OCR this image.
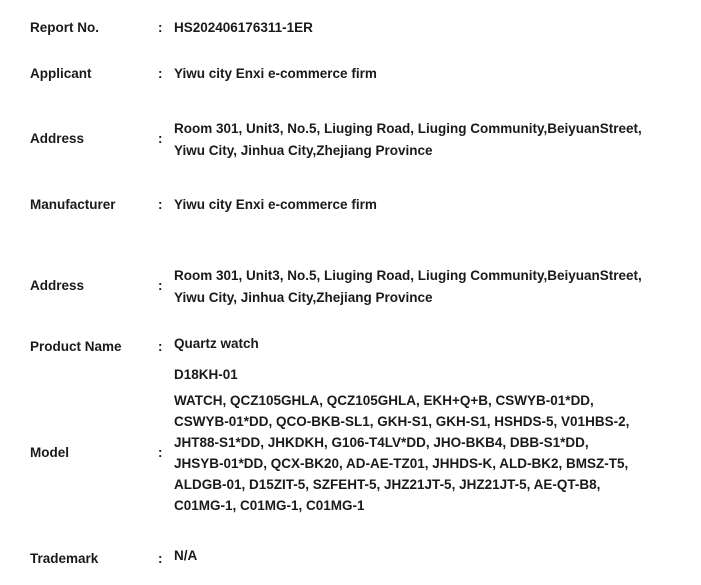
Report No.	: HS202406176311-1ER
Applicant	: Yiwu city Enxi e-commerce firm
Address	:
Room 301, Unit3, No.5, Liuging Road, Liuging Community,BeiyuanStreet,
Yiwu City, Jinhua City,Zhejiang Province
Manufacturer	: Yiwu city Enxi e-commerce firm
Address	:
Room 301, Unit3, No.5, Liuging Road, Liuging Community,BeiyuanStreet,
Yiwu City, Jinhua City,Zhejiang Province
Product Name	: Quartz watch
Model	:
D18KH-01
WATCH, QCZ105GHLA, QCZ105GHLA, EKH+Q+B, CSWYB-01*DD,
CSWYB-01*DD, QCO-BKB-SL1, GKH-S1, GKH-S1, HSHDS-5, V01HBS-2,
JHT88-S1*DD, JHKDKH, G106-T4LV*DD, JHO-BKB4, DBB-S1*DD,
JHSYB-01*DD, QCX-BK20, AD-AE-TZ01, JHHDS-K, ALD-BK2, BMSZ-T5,
ALDGB-01, D15ZIT-5, SZFEHT-5, JHZ21JT-5, JHZ21JT-5, AE-QT-B8,
C01MG-1, C01MG-1, C01MG-1
Trademark	: N/A
